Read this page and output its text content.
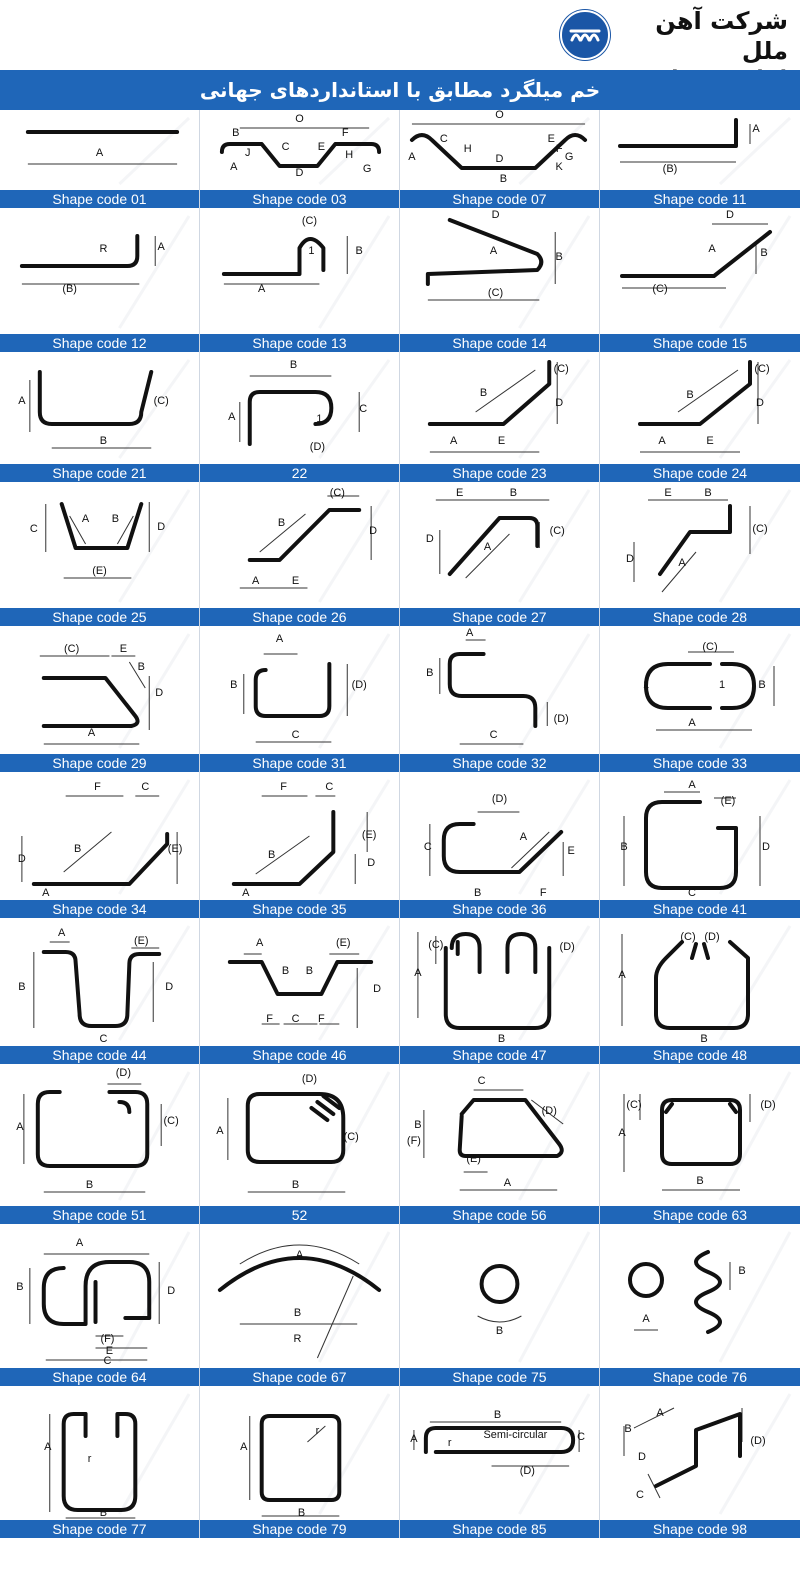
شرکت آهن ملل
خم میلگرد مطابق با استانداردهای جهانی
A
Shape code 01
O
B
J	C	E
F
H
A	D	G
Shape code 03
O
A
C
H
D
E
F
G
K
B
Shape code 07
A
(B)
Shape code 11
R	A
(B)
Shape code 12
(C)
1	B
A
Shape code 13
D
A	B
(C)
Shape code 14
D
A	B
(C)
Shape code 15
A	(C)
B
Shape code 21
B
A	1
C
(D)
22
B
(C)
D
A	E
Shape code 23
B
(C)
D
A	E
Shape code 24
C
A B
D
(E)
Shape code 25
(C)
B
D
A	E
Shape code 26
E	B
(C)
D
A
Shape code 27
E	B
(C)
D	A
Shape code 28
(C)	E
B
D
A
Shape code 29
A
B	(D)
C
Shape code 31
A
B
(D)
C
Shape code 32
(C)
1	1	B
A
Shape code 33
F	C
B	(E)
D
A
Shape code 34
F	C
(E)
B
D
A
Shape code 35
(D)
C
A
E
B	F
Shape code 36
A
(E)
B	D
C
Shape code 41
A
(E)
B	D
C
Shape code 44
A	(E)
B B
D
F C F
Shape code 46
(C)
A
(D)
B
Shape code 47
(C) (D)
A
B
Shape code 48
(D)
A	(C)
B
Shape code 51
(D)
A	(C)
B
52
C
(D)
B
(F)
(E)
A
Shape code 56
(C)
A
(D)
B
Shape code 63
A
B	D
(F)
E
C
Shape code 64
A
B
R
Shape code 67
B
Shape code 75
B
A
Shape code 76
A
r
B
Shape code 77
A
r
B
Shape code 79
B
A	r
Semi-circular	C
(D)
Shape code 85
A
B
D
(D)
C
Shape code 98
